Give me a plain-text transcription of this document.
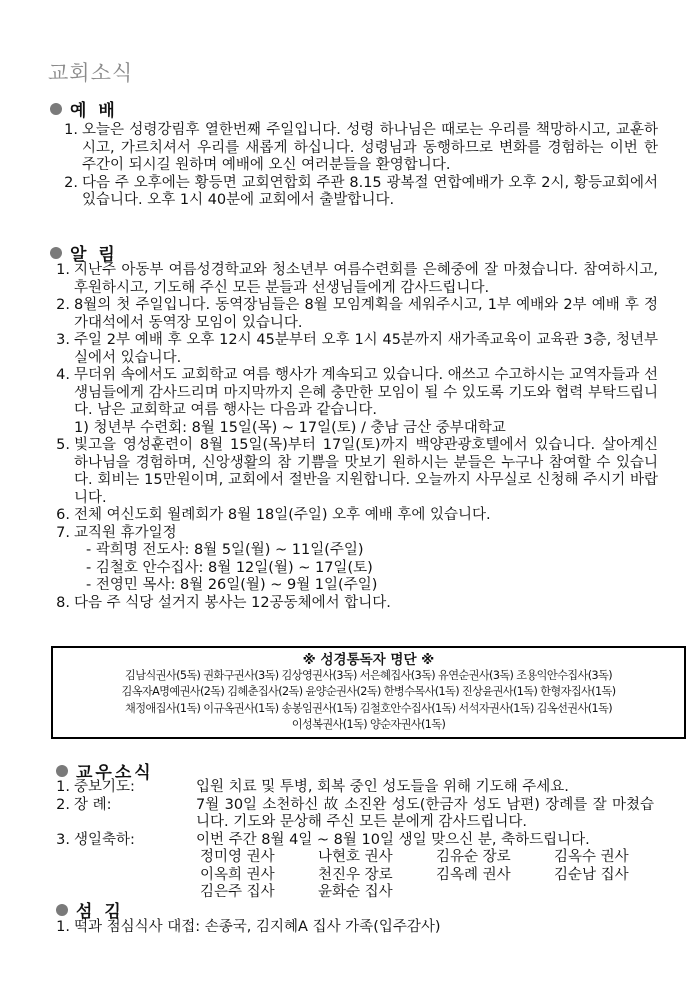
교회소식
예 배
1. 오늘은 성령강림후 열한번째 주일입니다. 성령 하나님은 때로는 우리를 책망하시고, 교훈하시고, 가르치셔서 우리를 새롭게 하십니다. 성령님과 동행하므로 변화를 경험하는 이번 한 주간이 되시길 원하며 예배에 오신 여러분들을 환영합니다.
2. 다음 주 오후에는 황등면 교회연합회 주관 8.15 광복절 연합예배가 오후 2시, 황등교회에서 있습니다. 오후 1시 40분에 교회에서 출발합니다.
알 림
1. 지난주 아동부 여름성경학교와 청소년부 여름수련회를 은혜중에 잘 마쳤습니다. 참여하시고,후원하시고, 기도해 주신 모든 분들과 선생님들에게 감사드립니다.
2. 8월의 첫 주일입니다. 동역장님들은 8월 모임계획을 세워주시고, 1부 예배와 2부 예배 후 정가대석에서 동역장 모임이 있습니다.
3. 주일 2부 예배 후 오후 12시 45분부터 오후 1시 45분까지 새가족교육이 교육관 3층, 청년부실에서 있습니다.
4. 무더위 속에서도 교회학교 여름 행사가 계속되고 있습니다. 애쓰고 수고하시는 교역자들과 선생님들에게 감사드리며 마지막까지 은혜 충만한 모임이 될 수 있도록 기도와 협력 부탁드립니다. 남은 교회학교 여름 행사는 다음과 같습니다.
1) 청년부 수련회: 8월 15일(목) ~ 17일(토) / 충남 금산 중부대학교
5. 빛고을 영성훈련이 8월 15일(목)부터 17일(토)까지 백양관광호텔에서 있습니다. 살아계신 하나님을 경험하며, 신앙생활의 참 기쁨을 맛보기 원하시는 분들은 누구나 참여할 수 있습니다. 회비는 15만원이며, 교회에서 절반을 지원합니다. 오늘까지 사무실로 신청해 주시기 바랍니다.
6. 전체 여신도회 월례회가 8월 18일(주일) 오후 예배 후에 있습니다.
7. 교직원 휴가일정
- 곽희명 전도사: 8월 5일(월) ~ 11일(주일)
- 김철호 안수집사: 8월 12일(월) ~ 17일(토)
- 전영민 목사: 8월 26일(월) ~ 9월 1일(주일)
8. 다음 주 식당 설거지 봉사는 12공동체에서 합니다.
※ 성경통독자 명단 ※
김남식권사(5독) 권화구권사(3독) 김상영권사(3독) 서은혜집사(3독) 유연순권사(3독) 조용익안수집사(3독)
김옥자A명예권사(2독) 김혜춘집사(2독) 윤양순권사(2독) 한병수목사(1독) 진상윤권사(1독) 한형자집사(1독)
채정애집사(1독) 이규옥권사(1독) 송봉임권사(1독) 김철호안수집사(1독) 서석자권사(1독) 김옥선권사(1독)
이성복권사(1독) 양순자권사(1독)
교우소식
1. 중보기도:	입원 치료 및 투병, 회복 중인 성도들을 위해 기도해 주세요.
2. 장 례:	7월 30일 소천하신 故 소진완 성도(한금자 성도 남편) 장례를 잘 마쳤습니다. 기도와 문상해 주신 모든 분에게 감사드립니다.
3. 생일축하:	이번 주간 8월 4일 ~ 8월 10일 생일 맞으신 분, 축하드립니다.
정미영 권사	나현호 권사	김유순 장로	김옥수 권사
이옥희 권사	천진우 장로	김옥례 권사	김순남 집사
김은주 집사	윤화순 집사
섬 김
1. 떡과 점심식사 대접: 손종국, 김지혜A 집사 가족(입주감사)
